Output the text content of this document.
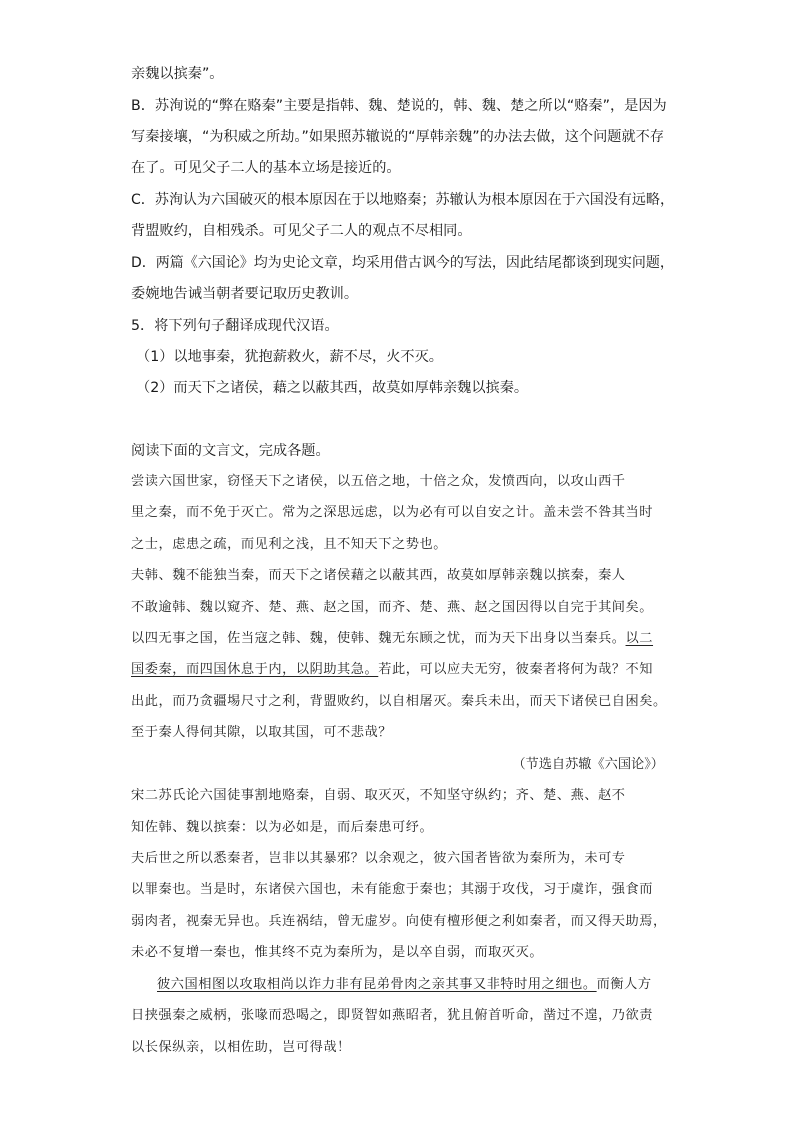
亲魏以摈秦”。
B．苏洵说的“弊在赂秦”主要是指韩、魏、楚说的，韩、魏、楚之所以“赂秦”，是因为
写秦接壤，“为积威之所劫。”如果照苏辙说的“厚韩亲魏”的办法去做，这个问题就不存
在了。可见父子二人的基本立场是接近的。
C．苏洵认为六国破灭的根本原因在于以地赂秦；苏辙认为根本原因在于六国没有远略，
背盟败约，自相残杀。可见父子二人的观点不尽相同。
D．两篇《六国论》均为史论文章，均采用借古讽今的写法，因此结尾都谈到现实问题，
委婉地告诫当朝者要记取历史教训。
5．将下列句子翻译成现代汉语。
（1）以地事秦，犹抱薪救火，薪不尽，火不灭。
（2）而天下之诸侯，藉之以蔽其西，故莫如厚韩亲魏以摈秦。
阅读下面的文言文，完成各题。
尝读六国世家，窃怪天下之诸侯，以五倍之地，十倍之众，发愤西向，以攻山西千
里之秦，而不免于灭亡。常为之深思远虑，以为必有可以自安之计。盖未尝不咎其当时
之士，虑患之疏，而见利之浅，且不知天下之势也。
夫韩、魏不能独当秦，而天下之诸侯藉之以蔽其西，故莫如厚韩亲魏以摈秦，秦人
不敢逾韩、魏以窥齐、楚、燕、赵之国，而齐、楚、燕、赵之国因得以自完于其间矣。
以四无事之国，佐当寇之韩、魏，使韩、魏无东顾之忧，而为天下出身以当秦兵。以二
国委秦，而四国休息于内，以阴助其急。若此，可以应夫无穷，彼秦者将何为哉？不知
出此，而乃贪疆埸尺寸之利，背盟败约，以自相屠灭。秦兵未出，而天下诸侯已自困矣。
至于秦人得伺其隙，以取其国，可不悲哉？
（节选自苏辙《六国论》）
宋二苏氏论六国徒事割地赂秦，自弱、取灭灭，不知坚守纵约；齐、楚、燕、赵不
知佐韩、魏以摈秦：以为必如是，而后秦患可纾。
夫后世之所以悉秦者，岂非以其暴邪？以余观之，彼六国者皆欲为秦所为，未可专
以罪秦也。当是时，东诸侯六国也，未有能愈于秦也；其溺于攻伐，习于虞诈，强食而
弱肉者，视秦无异也。兵连祸结，曾无虚岁。向使有檀形便之利如秦者，而又得天助焉，
未必不复增一秦也，惟其终不克为秦所为，是以卒自弱，而取灭灭。
彼六国相图以攻取相尚以诈力非有昆弟骨肉之亲其事又非特时用之细也。而衡人方
日挟强秦之威柄，张喙而恐喝之，即贤智如燕昭者，犹且俯首听命，凿过不遑，乃欲责
以长保纵亲，以相佐助，岂可得哉！
